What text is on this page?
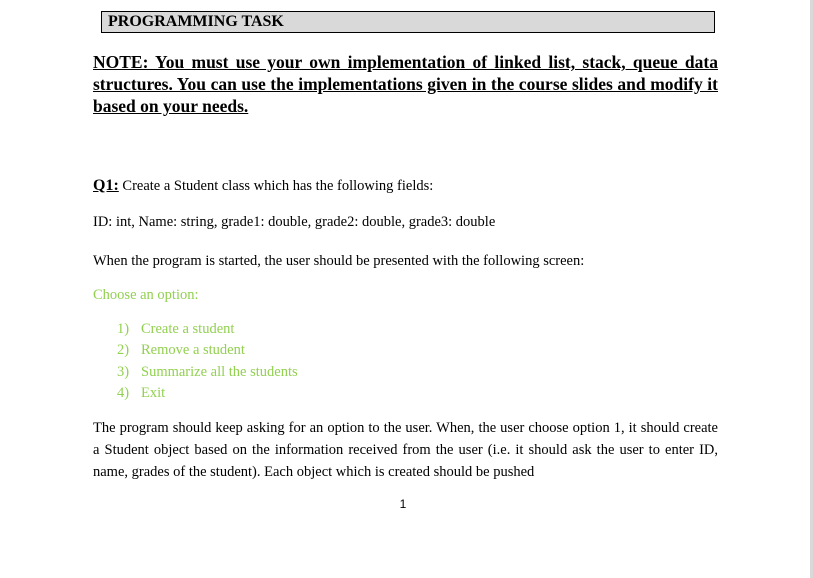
PROGRAMMING TASK
NOTE: You must use your own implementation of linked list, stack, queue data structures. You can use the implementations given in the course slides and modify it based on your needs.
Q1: Create a Student class which has the following fields:
ID: int, Name: string, grade1: double, grade2: double, grade3: double
When the program is started, the user should be presented with the following screen:
Choose an option:
1) Create a student
2) Remove a student
3) Summarize all the students
4) Exit
The program should keep asking for an option to the user. When, the user choose option 1, it should create a Student object based on the information received from the user (i.e. it should ask the user to enter ID, name, grades of the student). Each object which is created should be pushed
1
